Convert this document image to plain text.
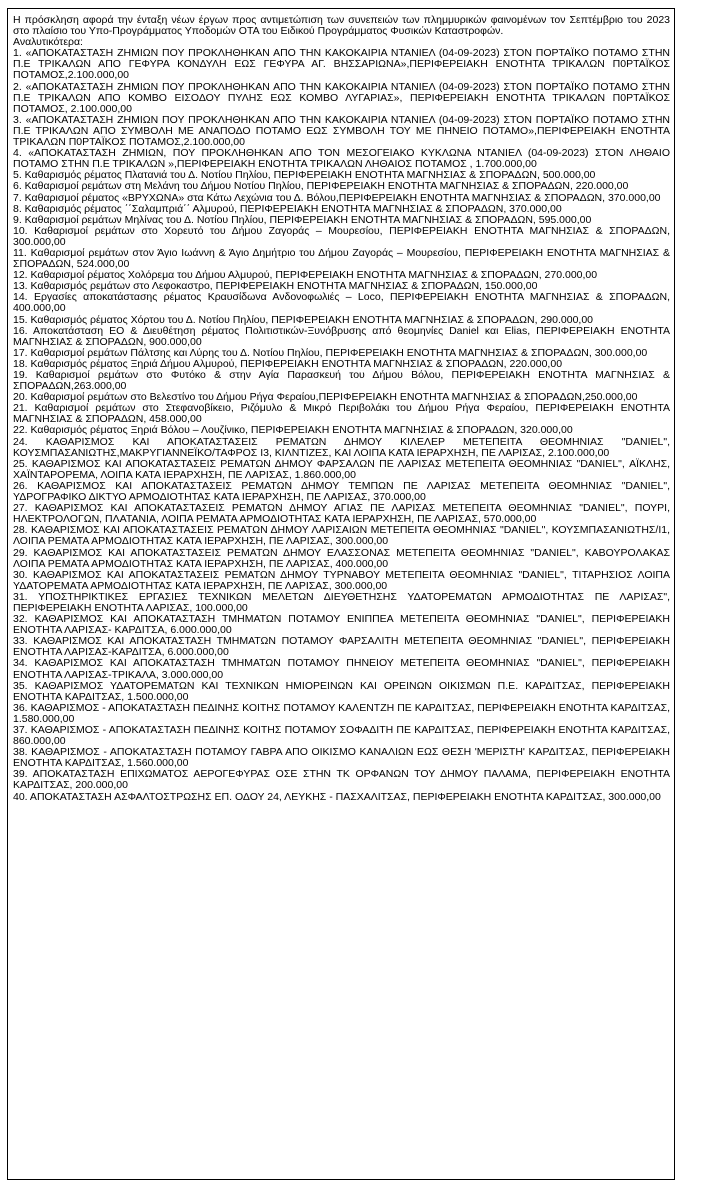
Η πρόσκληση αφορά την ένταξη νέων έργων προς αντιμετώπιση των συνεπειών των πλημμυρικών φαινομένων τον Σεπτέμβριο του 2023 στο πλαίσιο του Υπο-Προγράμματος Υποδομών ΟΤΑ του Ειδικού Προγράμματος Φυσικών Καταστροφών.

Αναλυτικότερα:

1. «ΑΠΟΚΑΤΑΣΤΑΣΗ ΖΗΜΙΩΝ ΠΟΥ ΠΡΟΚΛΗΘΗΚΑΝ ΑΠΟ ΤΗΝ ΚΑΚΟΚΑΙΡΙΑ ΝΤΑΝΙΕΛ (04-09-2023) ΣΤΟΝ ΠΟΡΤΑΪΚΟ ΠΟΤΑΜΟ ΣΤΗΝ Π.Ε ΤΡΙΚΑΛΩΝ ΑΠΟ ΓΕΦΥΡΑ ΚΟΝΔΥΛΗ ΕΩΣ ΓΕΦΥΡΑ ΑΓ. ΒΗΣΣΑΡΙΩΝΑ»,ΠΕΡΙΦΕΡΕΙΑΚΗ ΕΝΟΤΗΤΑ ΤΡΙΚΑΛΩΝ Π0ΡΤΑΪΚΟΣ ΠΟΤΑΜΟΣ,2.100.000,00

2. «ΑΠΟΚΑΤΑΣΤΑΣΗ ΖΗΜΙΩΝ ΠΟΥ ΠΡΟΚΛΗΘΗΚΑΝ ΑΠΟ ΤΗΝ ΚΑΚΟΚΑΙΡΙΑ ΝΤΑΝΙΕΛ (04-09-2023) ΣΤΟΝ ΠΟΡΤΑΪΚΟ ΠΟΤΑΜΟ ΣΤΗΝ Π.Ε ΤΡΙΚΑΛΩΝ ΑΠΟ ΚΟΜΒΟ ΕΙΣΟΔΟΥ ΠΥΛΗΣ ΕΩΣ ΚΟΜΒΟ ΛΥΓΑΡΙΑΣ», ΠΕΡΙΦΕΡΕΙΑΚΗ ΕΝΟΤΗΤΑ ΤΡΙΚΑΛΩΝ Π0ΡΤΑΪΚΟΣ ΠΟΤΑΜΟΣ, 2.100.000,00

3. «ΑΠΟΚΑΤΑΣΤΑΣΗ ΖΗΜΙΩΝ ΠΟΥ ΠΡΟΚΛΗΘΗΚΑΝ ΑΠΟ ΤΗΝ ΚΑΚΟΚΑΙΡΙΑ ΝΤΑΝΙΕΛ (04-09-2023) ΣΤΟΝ ΠΟΡΤΑΪΚΟ ΠΟΤΑΜΟ ΣΤΗΝ Π.Ε ΤΡΙΚΑΛΩΝ ΑΠΟ ΣΥΜΒΟΛΗ ΜΕ ΑΝΑΠΟΔΟ ΠΟΤΑΜΟ ΕΩΣ ΣΥΜΒΟΛΗ ΤΟΥ ΜΕ ΠΗΝΕΙΟ ΠΟΤΑΜΟ»,ΠΕΡΙΦΕΡΕΙΑΚΗ ΕΝΟΤΗΤΑ ΤΡΙΚΑΛΩΝ Π0ΡΤΑΪΚΟΣ ΠΟΤΑΜΟΣ,2.100.000,00

4. «ΑΠΟΚΑΤΑΣΤΑΣΗ ΖΗΜΙΩΝ, ΠΟΥ ΠΡΟΚΛΗΘΗΚΑΝ ΑΠΟ ΤΟΝ ΜΕΣΟΓΕΙΑΚΟ ΚΥΚΛΩΝΑ ΝΤΑΝΙΕΛ (04-09-2023) ΣΤΟΝ ΛΗΘΑΙΟ ΠΟΤΑΜΟ ΣΤΗΝ Π.Ε ΤΡΙΚΑΛΩΝ »,ΠΕΡΙΦΕΡΕΙΑΚΗ ΕΝΟΤΗΤΑ ΤΡΙΚΑΛΩΝ ΛΗΘΑΙΟΣ ΠΟΤΑΜΟΣ , 1.700.000,00

5. Καθαρισμός ρέματος Πλατανιά του Δ. Νοτίου Πηλίου, ΠΕΡΙΦΕΡΕΙΑΚΗ ΕΝΟΤΗΤΑ ΜΑΓΝΗΣΙΑΣ & ΣΠΟΡΑΔΩΝ, 500.000,00

6. Καθαρισμοί ρεμάτων στη Μελάνη του Δήμου Νοτίου Πηλίου, ΠΕΡΙΦΕΡΕΙΑΚΗ ΕΝΟΤΗΤΑ ΜΑΓΝΗΣΙΑΣ & ΣΠΟΡΑΔΩΝ, 220.000,00

7. Καθαρισμοί ρέματος «ΒΡΥΧΩΝΑ» στα Κάτω Λεχώνια του Δ. Βόλου,ΠΕΡΙΦΕΡΕΙΑΚΗ ΕΝΟΤΗΤΑ ΜΑΓΝΗΣΙΑΣ & ΣΠΟΡΑΔΩΝ, 370.000,00

8. Καθαρισμός ρέματος ΄΄Σαλαμπριά΄΄ Αλμυρού, ΠΕΡΙΦΕΡΕΙΑΚΗ ΕΝΟΤΗΤΑ ΜΑΓΝΗΣΙΑΣ & ΣΠΟΡΑΔΩΝ, 370.000,00

9. Καθαρισμοί ρεμάτων Μηλίνας του Δ. Νοτίου Πηλίου, ΠΕΡΙΦΕΡΕΙΑΚΗ ΕΝΟΤΗΤΑ ΜΑΓΝΗΣΙΑΣ & ΣΠΟΡΑΔΩΝ, 595.000,00

10. Καθαρισμοί ρεμάτων στο Χορευτό του Δήμου Ζαγοράς – Μουρεσίου, ΠΕΡΙΦΕΡΕΙΑΚΗ ΕΝΟΤΗΤΑ ΜΑΓΝΗΣΙΑΣ & ΣΠΟΡΑΔΩΝ, 300.000,00

11. Καθαρισμοί ρεμάτων στον Άγιο Ιωάννη & Άγιο Δημήτριο του Δήμου Ζαγοράς – Μουρεσίου, ΠΕΡΙΦΕΡΕΙΑΚΗ ΕΝΟΤΗΤΑ ΜΑΓΝΗΣΙΑΣ & ΣΠΟΡΑΔΩΝ, 524.000,00

12. Καθαρισμοί ρέματος Χολόρεμα του Δήμου Αλμυρού, ΠΕΡΙΦΕΡΕΙΑΚΗ ΕΝΟΤΗΤΑ ΜΑΓΝΗΣΙΑΣ & ΣΠΟΡΑΔΩΝ, 270.000,00

13. Καθαρισμός ρεμάτων στο Λεφοκαστρο, ΠΕΡΙΦΕΡΕΙΑΚΗ ΕΝΟΤΗΤΑ ΜΑΓΝΗΣΙΑΣ & ΣΠΟΡΑΔΩΝ, 150.000,00

14. Εργασίες αποκατάστασης ρέματος Κραυσίδωνα Ανδονοφωλιές – Loco, ΠΕΡΙΦΕΡΕΙΑΚΗ ΕΝΟΤΗΤΑ ΜΑΓΝΗΣΙΑΣ & ΣΠΟΡΑΔΩΝ, 400.000,00

15. Καθαρισμός ρέματος Χόρτου του Δ. Νοτίου Πηλίου, ΠΕΡΙΦΕΡΕΙΑΚΗ ΕΝΟΤΗΤΑ ΜΑΓΝΗΣΙΑΣ & ΣΠΟΡΑΔΩΝ, 290.000,00

16. Αποκατάσταση ΕΟ & Διευθέτηση ρέματος Πολιτιστικών-Ξυνόβρυσης από θεομηνίες Daniel και Elias, ΠΕΡΙΦΕΡΕΙΑΚΗ ΕΝΟΤΗΤΑ ΜΑΓΝΗΣΙΑΣ & ΣΠΟΡΑΔΩΝ, 900.000,00

17. Καθαρισμοί ρεμάτων Πάλτσης και Λύρης του Δ. Νοτίου Πηλίου, ΠΕΡΙΦΕΡΕΙΑΚΗ ΕΝΟΤΗΤΑ ΜΑΓΝΗΣΙΑΣ & ΣΠΟΡΑΔΩΝ, 300.000,00

18. Καθαρισμός ρέματος Ξηριά Δήμου Αλμυρού, ΠΕΡΙΦΕΡΕΙΑΚΗ ΕΝΟΤΗΤΑ ΜΑΓΝΗΣΙΑΣ & ΣΠΟΡΑΔΩΝ, 220.000,00

19. Καθαρισμοί ρεμάτων στο Φυτόκο & στην Αγία Παρασκευή του Δήμου Βόλου, ΠΕΡΙΦΕΡΕΙΑΚΗ ΕΝΟΤΗΤΑ ΜΑΓΝΗΣΙΑΣ & ΣΠΟΡΑΔΩΝ,263.000,00

20. Καθαρισμοί ρεμάτων στο Βελεστίνο του Δήμου Ρήγα Φεραίου,ΠΕΡΙΦΕΡΕΙΑΚΗ ΕΝΟΤΗΤΑ ΜΑΓΝΗΣΙΑΣ & ΣΠΟΡΑΔΩΝ,250.000,00

21. Καθαρισμοί ρεμάτων στο Στεφανοβίκειο, Ριζόμυλο & Μικρό Περιβολάκι του Δήμου Ρήγα Φεραίου, ΠΕΡΙΦΕΡΕΙΑΚΗ ΕΝΟΤΗΤΑ ΜΑΓΝΗΣΙΑΣ & ΣΠΟΡΑΔΩΝ, 458.000,00

22. Καθαρισμός ρέματος Ξηριά Βόλου – Λουζίνικο, ΠΕΡΙΦΕΡΕΙΑΚΗ ΕΝΟΤΗΤΑ ΜΑΓΝΗΣΙΑΣ & ΣΠΟΡΑΔΩΝ, 320.000,00

24. ΚΑΘΑΡΙΣΜΟΣ ΚΑΙ ΑΠΟΚΑΤΑΣΤΑΣΕΙΣ ΡΕΜΑΤΩΝ ΔΗΜΟΥ ΚΙΛΕΛΕΡ ΜΕΤΕΠΕΙΤΑ ΘΕΟΜΗΝΙΑΣ "DANIEL", ΚΟΥΣΜΠΑΣΑΝΙΩΤΗΣ,ΜΑΚΡΥΓΙΑΝΝΕΪΚΟ/ΤΑΦΡΟΣ Ι3, ΚΙΛΝΤΙΖΕΣ, ΚΑΙ ΛΟΙΠΑ ΚΑΤΑ ΙΕΡΑΡΧΗΣΗ, ΠΕ ΛΑΡΙΣΑΣ, 2.100.000,00

25. ΚΑΘΑΡΙΣΜΟΣ ΚΑΙ ΑΠΟΚΑΤΑΣΤΑΣΕΙΣ ΡΕΜΑΤΩΝ ΔΗΜΟΥ ΦΑΡΣΑΛΩΝ ΠΕ ΛΑΡΙΣΑΣ ΜΕΤΕΠΕΙΤΑ ΘΕΟΜΗΝΙΑΣ "DANIEL", ΑΪΚΛΗΣ, ΧΑΪΝΤΑΡΟΡΕΜΑ, ΛΟΙΠΑ ΚΑΤΑ ΙΕΡΑΡΧΗΣΗ, ΠΕ ΛΑΡΙΣΑΣ, 1.860.000,00

26. ΚΑΘΑΡΙΣΜΟΣ ΚΑΙ ΑΠΟΚΑΤΑΣΤΑΣΕΙΣ ΡΕΜΑΤΩΝ ΔΗΜΟΥ ΤΕΜΠΩΝ ΠΕ ΛΑΡΙΣΑΣ ΜΕΤΕΠΕΙΤΑ ΘΕΟΜΗΝΙΑΣ "DANIEL", ΥΔΡΟΓΡΑΦΙΚΟ ΔΙΚΤΥΟ ΑΡΜΟΔΙΟΤΗΤΑΣ ΚΑΤΑ ΙΕΡΑΡΧΗΣΗ, ΠΕ ΛΑΡΙΣΑΣ, 370.000,00

27. ΚΑΘΑΡΙΣΜΟΣ ΚΑΙ ΑΠΟΚΑΤΑΣΤΑΣΕΙΣ ΡΕΜΑΤΩΝ ΔΗΜΟΥ ΑΓΙΑΣ ΠΕ ΛΑΡΙΣΑΣ ΜΕΤΕΠΕΙΤΑ ΘΕΟΜΗΝΙΑΣ "DANIEL", ΠΟΥΡΙ, ΗΛΕΚΤΡΟΛΟΓΩΝ, ΠΛΑΤΑΝΙΑ, ΛΟΙΠΑ ΡΕΜΑΤΑ ΑΡΜΟΔΙΟΤΗΤΑΣ ΚΑΤΑ ΙΕΡΑΡΧΗΣΗ, ΠΕ ΛΑΡΙΣΑΣ, 570.000,00

28. ΚΑΘΑΡΙΣΜΟΣ ΚΑΙ ΑΠΟΚΑΤΑΣΤΑΣΕΙΣ ΡΕΜΑΤΩΝ ΔΗΜΟΥ ΛΑΡΙΣΑΙΩΝ ΜΕΤΕΠΕΙΤΑ ΘΕΟΜΗΝΙΑΣ "DANIEL", ΚΟΥΣΜΠΑΣΑΝΙΩΤΗΣ/Ι1, ΛΟΙΠΑ ΡΕΜΑΤΑ ΑΡΜΟΔΙΟΤΗΤΑΣ ΚΑΤΑ ΙΕΡΑΡΧΗΣΗ, ΠΕ ΛΑΡΙΣΑΣ, 300.000,00

29. ΚΑΘΑΡΙΣΜΟΣ ΚΑΙ ΑΠΟΚΑΤΑΣΤΑΣΕΙΣ ΡΕΜΑΤΩΝ ΔΗΜΟΥ ΕΛΑΣΣΟΝΑΣ ΜΕΤΕΠΕΙΤΑ ΘΕΟΜΗΝΙΑΣ "DANIEL", ΚΑΒΟΥΡΟΛΑΚΑΣ ΛΟΙΠΑ ΡΕΜΑΤΑ ΑΡΜΟΔΙΟΤΗΤΑΣ ΚΑΤΑ ΙΕΡΑΡΧΗΣΗ, ΠΕ ΛΑΡΙΣΑΣ, 400.000,00

30. ΚΑΘΑΡΙΣΜΟΣ ΚΑΙ ΑΠΟΚΑΤΑΣΤΑΣΕΙΣ ΡΕΜΑΤΩΝ ΔΗΜΟΥ ΤΥΡΝΑΒΟΥ ΜΕΤΕΠΕΙΤΑ ΘΕΟΜΗΝΙΑΣ "DANIEL", ΤΙΤΑΡΗΣΙΟΣ ΛΟΙΠΑ ΥΔΑΤΟΡΕΜΑΤΑ ΑΡΜΟΔΙΟΤΗΤΑΣ ΚΑΤΑ ΙΕΡΑΡΧΗΣΗ, ΠΕ ΛΑΡΙΣΑΣ, 300.000,00

31. ΥΠΟΣΤΗΡΙΚΤΙΚΕΣ ΕΡΓΑΣΙΕΣ ΤΕΧΝΙΚΩΝ ΜΕΛΕΤΩΝ ΔΙΕΥΘΕΤΗΣΗΣ ΥΔΑΤΟΡΕΜΑΤΩΝ ΑΡΜΟΔΙΟΤΗΤΑΣ ΠΕ ΛΑΡΙΣΑΣ", ΠΕΡΙΦΕΡΕΙΑΚΗ ΕΝΟΤΗΤΑ ΛΑΡΙΣΑΣ, 100.000,00

32. ΚΑΘΑΡΙΣΜΟΣ ΚΑΙ ΑΠΟΚΑΤΑΣΤΑΣΗ ΤΜΗΜΑΤΩΝ ΠΟΤΑΜΟΥ ΕΝΙΠΠΕΑ ΜΕΤΕΠΕΙΤΑ ΘΕΟΜΗΝΙΑΣ "DANIEL", ΠΕΡΙΦΕΡΕΙΑΚΗ ΕΝΟΤΗΤΑ ΛΑΡΙΣΑΣ- ΚΑΡΔΙΤΣΑ, 6.000.000,00

33. ΚΑΘΑΡΙΣΜΟΣ ΚΑΙ ΑΠΟΚΑΤΑΣΤΑΣΗ ΤΜΗΜΑΤΩΝ ΠΟΤΑΜΟΥ ΦΑΡΣΑΛΙΤΗ ΜΕΤΕΠΕΙΤΑ ΘΕΟΜΗΝΙΑΣ "DANIEL", ΠΕΡΙΦΕΡΕΙΑΚΗ ΕΝΟΤΗΤΑ ΛΑΡΙΣΑΣ-ΚΑΡΔΙΤΣΑ, 6.000.000,00

34. ΚΑΘΑΡΙΣΜΟΣ ΚΑΙ ΑΠΟΚΑΤΑΣΤΑΣΗ ΤΜΗΜΑΤΩΝ ΠΟΤΑΜΟΥ ΠΗΝΕΙΟΥ ΜΕΤΕΠΕΙΤΑ ΘΕΟΜΗΝΙΑΣ "DANIEL", ΠΕΡΙΦΕΡΕΙΑΚΗ ΕΝΟΤΗΤΑ ΛΑΡΙΣΑΣ-ΤΡΙΚΑΛΑ, 3.000.000,00

35. ΚΑΘΑΡΙΣΜΟΣ ΥΔΑΤΟΡΕΜΑΤΩΝ ΚΑΙ ΤΕΧΝΙΚΩΝ ΗΜΙΟΡΕΙΝΩΝ ΚΑΙ ΟΡΕΙΝΩΝ ΟΙΚΙΣΜΩΝ Π.Ε. ΚΑΡΔΙΤΣΑΣ, ΠΕΡΙΦΕΡΕΙΑΚΗ ΕΝΟΤΗΤΑ ΚΑΡΔΙΤΣΑΣ, 1.500.000,00

36. ΚΑΘΑΡΙΣΜΟΣ - ΑΠΟΚΑΤΑΣΤΑΣΗ ΠΕΔΙΝΗΣ ΚΟΙΤΗΣ ΠΟΤΑΜΟΥ ΚΑΛΕΝΤΖΗ ΠΕ ΚΑΡΔΙΤΣΑΣ, ΠΕΡΙΦΕΡΕΙΑΚΗ ΕΝΟΤΗΤΑ ΚΑΡΔΙΤΣΑΣ, 1.580.000,00

37. ΚΑΘΑΡΙΣΜΟΣ - ΑΠΟΚΑΤΑΣΤΑΣΗ ΠΕΔΙΝΗΣ ΚΟΙΤΗΣ ΠΟΤΑΜΟΥ ΣΟΦΑΔΙΤΗ ΠΕ ΚΑΡΔΙΤΣΑΣ, ΠΕΡΙΦΕΡΕΙΑΚΗ ΕΝΟΤΗΤΑ ΚΑΡΔΙΤΣΑΣ, 860.000,00

38. ΚΑΘΑΡΙΣΜΟΣ - ΑΠΟΚΑΤΑΣΤΑΣΗ ΠΟΤΑΜΟΥ ΓΑΒΡΑ ΑΠΟ ΟΙΚΙΣΜΟ ΚΑΝΑΛΙΩΝ ΕΩΣ ΘΕΣΗ 'ΜΕΡΙΣΤΗ' ΚΑΡΔΙΤΣΑΣ, ΠΕΡΙΦΕΡΕΙΑΚΗ ΕΝΟΤΗΤΑ ΚΑΡΔΙΤΣΑΣ, 1.560.000,00

39. ΑΠΟΚΑΤΑΣΤΑΣΗ ΕΠΙΧΩΜΑΤΟΣ ΑΕΡΟΓΕΦΥΡΑΣ ΟΣΕ ΣΤΗΝ ΤΚ ΟΡΦΑΝΩΝ ΤΟΥ ΔΗΜΟΥ ΠΑΛΑΜΑ, ΠΕΡΙΦΕΡΕΙΑΚΗ ΕΝΟΤΗΤΑ ΚΑΡΔΙΤΣΑΣ, 200.000,00

40. ΑΠΟΚΑΤΑΣΤΑΣΗ ΑΣΦΑΛΤΟΣΤΡΩΣΗΣ ΕΠ. ΟΔΟΥ 24, ΛΕΥΚΗΣ - ΠΑΣΧΑΛΙΤΣΑΣ, ΠΕΡΙΦΕΡΕΙΑΚΗ ΕΝΟΤΗΤΑ ΚΑΡΔΙΤΣΑΣ, 300.000,00
